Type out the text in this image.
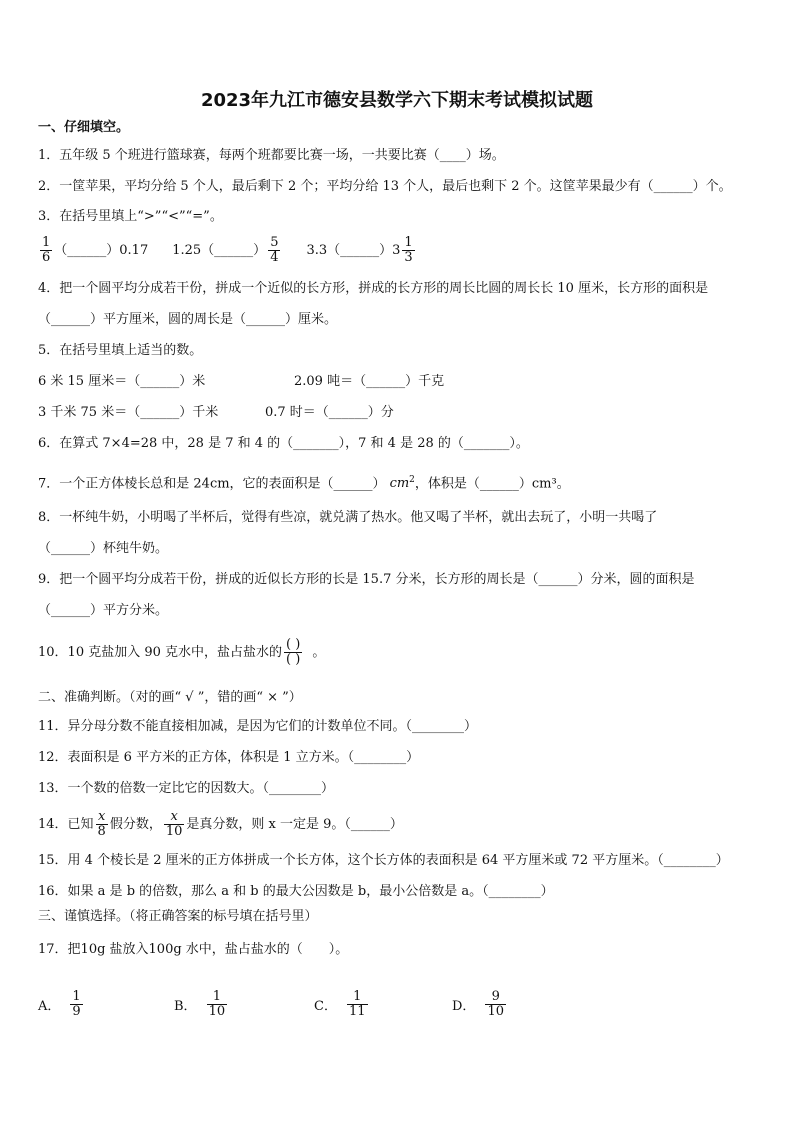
2023年九江市德安县数学六下期末考试模拟试题
一、仔细填空。
1．五年级 5 个班进行篮球赛，每两个班都要比赛一场，一共要比赛（____）场。
2．一筐苹果，平均分给 5 个人，最后剩下 2 个；平均分给 13 个人，最后也剩下 2 个。这筐苹果最少有（______）个。
3．在括号里填上“>”“<”“=”。
$\frac{1}{6}$ （______）0.17 1.25（______） $\frac{5}{4}$ 3.3（______）3 $\frac{1}{3}$
4．把一个圆平均分成若干份，拼成一个近似的长方形，拼成的长方形的周长比圆的周长长 10 厘米，长方形的面积是
（______）平方厘米，圆的周长是（______）厘米。
5．在括号里填上适当的数。
6 米 15 厘米＝（______）米	2.09 吨＝（______）千克
3 千米 75 米＝（______）千米	0.7 时＝（______）分
6．在算式 7×4=28 中，28 是 7 和 4 的（_______），7 和 4 是 28 的（_______）。
7．一个正方体棱长总和是 24cm，它的表面积是（______） $cm^2$，体积是（______）cm³。
8．一杯纯牛奶，小明喝了半杯后，觉得有些凉，就兑满了热水。他又喝了半杯，就出去玩了，小明一共喝了
（______）杯纯牛奶。
9．把一个圆平均分成若干份，拼成的近似长方形的长是 15.7 分米，长方形的周长是（______）分米，圆的面积是
（______）平方分米。
10．10 克盐加入 90 克水中，盐占盐水的 $\frac{( )}{( )}$ 。
二、准确判断。（对的画“ √ ”，错的画“ × ”）
11．异分母分数不能直接相加减，是因为它们的计数单位不同。（________）
12．表面积是 6 平方米的正方体，体积是 1 立方米。（________）
13．一个数的倍数一定比它的因数大。（________）
14．已知 $\frac{x}{8}$ 假分数， $\frac{x}{10}$ 是真分数，则 x 一定是 9。（______）
15．用 4 个棱长是 2 厘米的正方体拼成一个长方体，这个长方体的表面积是 64 平方厘米或 72 平方厘米。（________）
16．如果 a 是 b 的倍数，那么 a 和 b 的最大公因数是 b，最小公倍数是 a。（________）
三、谨慎选择。（将正确答案的标号填在括号里）
17．把10g 盐放入100g 水中，盐占盐水的（　　）。
A． $\frac{1}{9}$	B． $\frac{1}{10}$	C． $\frac{1}{11}$	D． $\frac{9}{10}$
